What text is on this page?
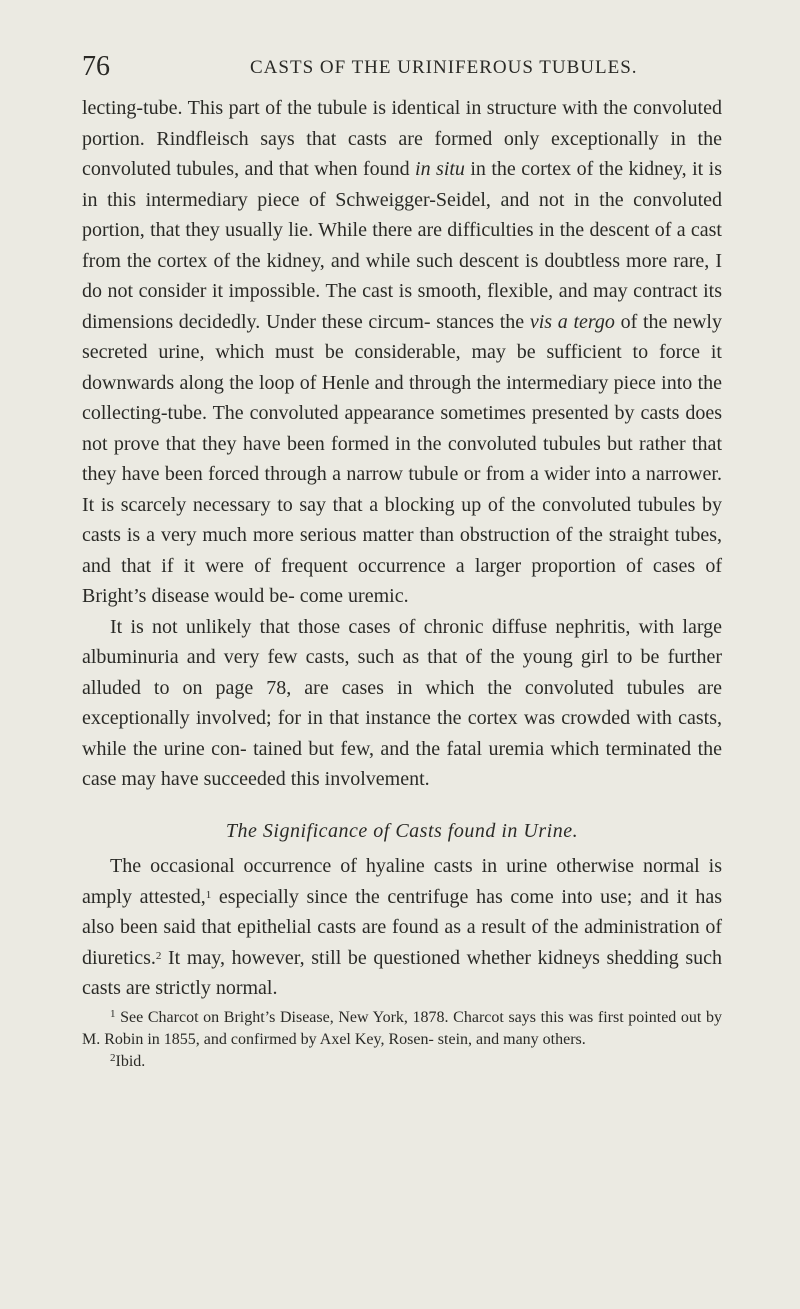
76	CASTS OF THE URINIFEROUS TUBULES.

lecting-tube. This part of the tubule is identical in structure with the convoluted portion. Rindfleisch says that casts are formed only exceptionally in the convoluted tubules, and that when found in situ in the cortex of the kidney, it is in this intermediary piece of Schweigger-Seidel, and not in the convoluted portion, that they usually lie. While there are difficulties in the descent of a cast from the cortex of the kidney, and while such descent is doubtless more rare, I do not consider it impossible. The cast is smooth, flexible, and may contract its dimensions decidedly. Under these circum- stances the vis a tergo of the newly secreted urine, which must be considerable, may be sufficient to force it downwards along the loop of Henle and through the intermediary piece into the collecting-tube. The convoluted appearance sometimes presented by casts does not prove that they have been formed in the convoluted tubules but rather that they have been forced through a narrow tubule or from a wider into a narrower. It is scarcely necessary to say that a blocking up of the convoluted tubules by casts is a very much more serious matter than obstruction of the straight tubes, and that if it were of frequent occurrence a larger proportion of cases of Bright’s disease would be- come uremic.

It is not unlikely that those cases of chronic diffuse nephritis, with large albuminuria and very few casts, such as that of the young girl to be further alluded to on page 78, are cases in which the convoluted tubules are exceptionally involved; for in that instance the cortex was crowded with casts, while the urine con- tained but few, and the fatal uremia which terminated the case may have succeeded this involvement.

The Significance of Casts found in Urine.

The occasional occurrence of hyaline casts in urine otherwise normal is amply attested,$^1$ especially since the centrifuge has come into use; and it has also been said that epithelial casts are found as a result of the administration of diuretics.$^2$ It may, however, still be questioned whether kidneys shedding such casts are strictly normal.

$^1$ See Charcot on Bright’s Disease, New York, 1878. Charcot says this was first pointed out by M. Robin in 1855, and confirmed by Axel Key, Rosen- stein, and many others.

$^2$Ibid.
